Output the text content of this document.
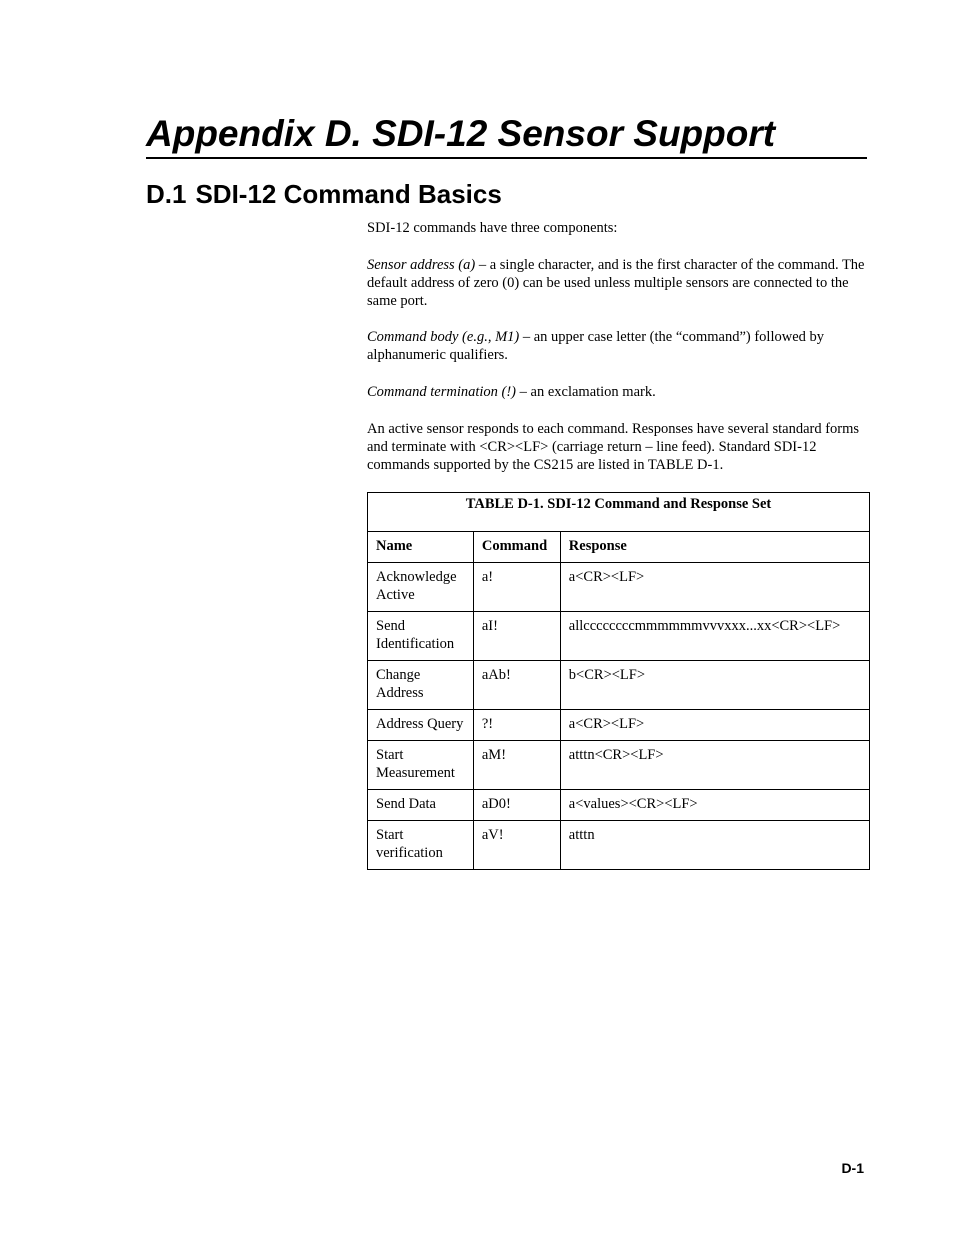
Appendix D. SDI-12 Sensor Support
D.1 SDI-12 Command Basics

SDI-12 commands have three components:

Sensor address (a) – a single character, and is the first character of the command. The default address of zero (0) can be used unless multiple sensors are connected to the same port.

Command body (e.g., M1) – an upper case letter (the “command”) followed by alphanumeric qualifiers.

Command termination (!) – an exclamation mark.

An active sensor responds to each command. Responses have several standard forms and terminate with <CR><LF> (carriage return – line feed). Standard SDI-12 commands supported by the CS215 are listed in TABLE D-1.

TABLE D-1. SDI-12 Command and Response Set		
Name	Command	Response
Acknowledge Active	a!	a<CR><LF>
Send Identification	aI!	allccccccccmmmmmmvvvxxx...xx<CR><LF>
Change Address	aAb!	b<CR><LF>
Address Query	?!	a<CR><LF>
Start Measurement	aM!	atttn<CR><LF>
Send Data	aD0!	a<values><CR><LF>
Start verification	aV!	atttn
D-1
